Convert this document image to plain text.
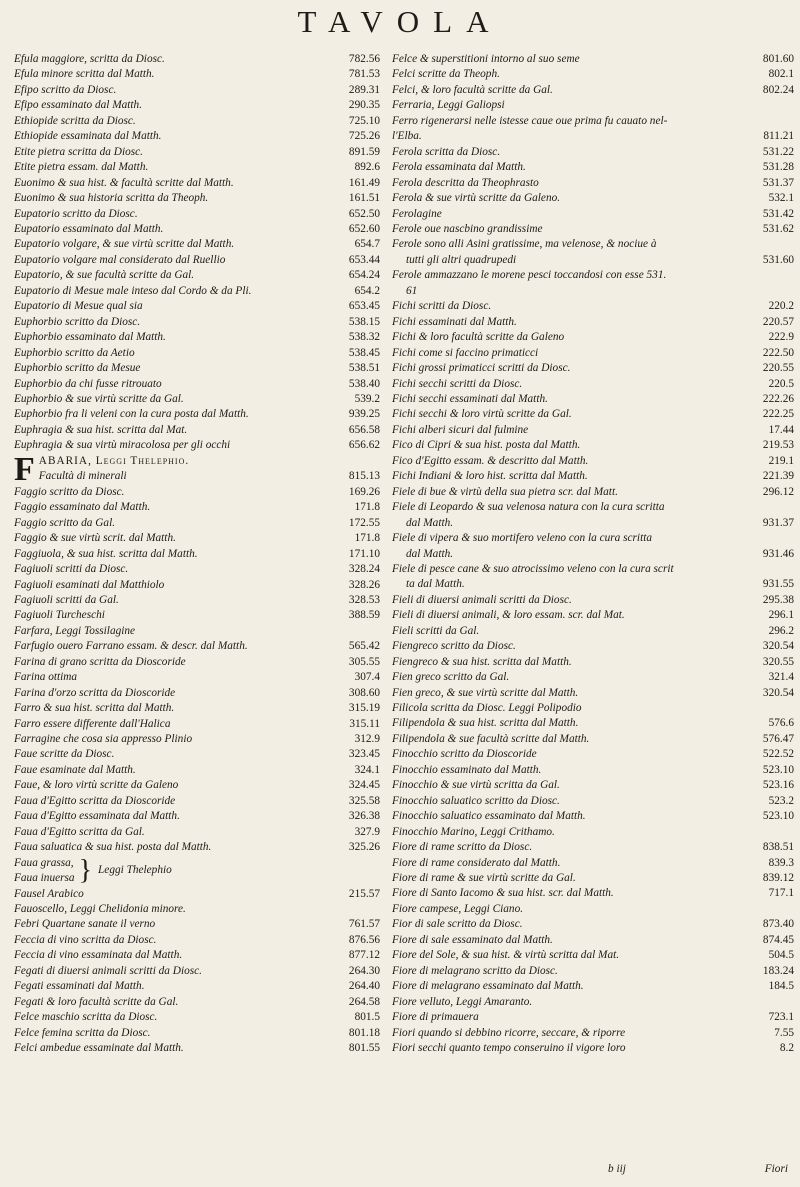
TAVOLA
Efula maggiore, scritta da Diosc.	782.56
Efula minore scritta dal Matth.	781.53
Efipo scritto da Diosc.	289.31
Efipo essaminato dal Matth.	290.35
Ethiopide scritta da Diosc.	725.10
Ethiopide essaminata dal Matth.	725.26
Etite pietra scritta da Diosc.	891.59
Etite pietra essam. dal Matth.	892.6
Euonimo & sua hist. & facultà scritte dal Matth.	161.49
Euonimo & sua historia scritta da Theoph.	161.51
Eupatorio scritto da Diosc.	652.50
Eupatorio essaminato dal Matth.	652.60
Eupatorio volgare, & sue virtù scritte dal Matth.	654.7
Eupatorio volgare mal considerato dal Ruellio	653.44
Eupatorio, & sue facultà scritte da Gal.	654.24
Eupatorio di Mesue male inteso dal Cordo & da Pli.	654.2
Eupatorio di Mesue qual sia	653.45
Euphorbio scritto da Diosc.	538.15
Euphorbio essaminato dal Matth.	538.32
Euphorbio scritto da Aetio	538.45
Euphorbio scritto da Mesue	538.51
Euphorbio da chi fusse ritrouato	538.40
Euphorbio & sue virtù scritte da Gal.	539.2
Euphorbio fra li veleni con la cura posta dal Matth.	939.25
Euphragia & sua hist. scritta dal Mat.	656.58
Euphragia & sua virtù miracolosa per gli occhi	656.62
F ABARIA, Leggi Thelephio.
Facultà di minerali	815.13
Faggio scritto da Diosc.	169.26
Faggio essaminato dal Matth.	171.8
Faggio scritto da Gal.	172.55
Faggio & sue virtù scrit. dal Matth.	171.8
Faggiuola, & sua hist. scritta dal Matth.	171.10
Fagiuoli scritti da Diosc.	328.24
Fagiuoli esaminati dal Matthiolo	328.26
Fagiuoli scritti da Gal.	328.53
Fagiuoli Turcheschi	388.59
Farfara, Leggi Tossilagine
Farfugio ouero Farrano essam. & descr. dal Matth.	565.42
Farina di grano scritta da Dioscoride	305.55
Farina ottima	307.4
Farina d'orzo scritta da Dioscoride	308.60
Farro & sua hist. scritta dal Matth.	315.19
Farro essere differente dall'Halica	315.11
Farragine che cosa sia appresso Plinio	312.9
Faue scritte da Diosc.	323.45
Faue esaminate dal Matth.	324.1
Faue, & loro virtù scritte da Galeno	324.45
Faua d'Egitto scritta da Dioscoride	325.58
Faua d'Egitto essaminata dal Matth.	326.38
Faua d'Egitto scritta da Gal.	327.9
Faua saluatica & sua hist. posta dal Matth.	325.26
Faua grassa,
Faua inuersa } Leggi Thelephio
Fausel Arabico	215.57
Fauoscello, Leggi Chelidonia minore.
Febri Quartane sanate il verno	761.57
Feccia di vino scritta da Diosc.	876.56
Feccia di vino essaminata dal Matth.	877.12
Fegati di diuersi animali scritti da Diosc.	264.30
Fegati essaminati dal Matth.	264.40
Fegati & loro facultà scritte da Gal.	264.58
Felce maschio scritta da Diosc.	801.5
Felce femina scritta da Diosc.	801.18
Felci ambedue essaminate dal Matth.	801.55
Felce & superstitioni intorno al suo seme	801.60
Felci scritte da Theoph.	802.1
Felci, & loro facultà scritte da Gal.	802.24
Ferraria, Leggi Galiopsi
Ferro rigenerarsi nelle istesse caue oue prima fu cauato nel-
l'Elba.	811.21
Ferola scritta da Diosc.	531.22
Ferola essaminata dal Matth.	531.28
Ferola descritta da Theophrasto	531.37
Ferola & sue virtù scritte da Galeno.	532.1
Ferolagine	531.42
Ferole oue nascbino grandissime	531.62
Ferole sono alli Asini gratissime, ma velenose, & nociue à
tutti gli altri quadrupedi	531.60
Ferole ammazzano le morene pesci toccandosi con esse 531.
61
Fichi scritti da Diosc.	220.2
Fichi essaminati dal Matth.	220.57
Fichi & loro facultà scritte da Galeno	222.9
Fichi come si faccino primaticci	222.50
Fichi grossi primaticci scritti da Diosc.	220.55
Fichi secchi scritti da Diosc.	220.5
Fichi secchi essaminati dal Matth.	222.26
Fichi secchi & loro virtù scritte da Gal.	222.25
Fichi alberi sicuri dal fulmine	17.44
Fico di Cipri & sua hist. posta dal Matth.	219.53
Fico d'Egitto essam. & descritto dal Matth.	219.1
Fichi Indiani & loro hist. scritta dal Matth.	221.39
Fiele di bue & virtù della sua pietra scr. dal Matt.	296.12
Fiele di Leopardo & sua velenosa natura con la cura scritta
dal Matth.	931.37
Fiele di vipera & suo mortifero veleno con la cura scritta
dal Matth.	931.46
Fiele di pesce cane & suo atrocissimo veleno con la cura scrit
ta dal Matth.	931.55
Fieli di diuersi animali scritti da Diosc.	295.38
Fieli di diuersi animali, & loro essam. scr. dal Mat.	296.1
Fieli scritti da Gal.	296.2
Fiengreco scritto da Diosc.	320.54
Fiengreco & sua hist. scritta dal Matth.	320.55
Fien greco scritto da Gal.	321.4
Fien greco, & sue virtù scritte dal Matth.	320.54
Filicola scritta da Diosc. Leggi Polipodio
Filipendola & sua hist. scritta dal Matth.	576.6
Filipendola & sue facultà scritte dal Matth.	576.47
Finocchio scritto da Dioscoride	522.52
Finocchio essaminato dal Matth.	523.10
Finocchio & sue virtù scritta da Gal.	523.16
Finocchio saluatico scritto da Diosc.	523.2
Finocchio saluatico essaminato dal Matth.	523.10
Finocchio Marino, Leggi Crithamo.
Fiore di rame scritto da Diosc.	838.51
Fiore di rame considerato dal Matth.	839.3
Fiore di rame & sue virtù scritte da Gal.	839.12
Fiore di Santo Iacomo & sua hist. scr. dal Matth.	717.1
Fiore campese, Leggi Ciano.
Fior di sale scritto da Diosc.	873.40
Fiore di sale essaminato dal Matth.	874.45
Fiore del Sole, & sua hist. & virtù scritta dal Mat.	504.5
Fiore di melagrano scritto da Diosc.	183.24
Fiore di melagrano essaminato dal Matth.	184.5
Fiore velluto, Leggi Amaranto.
Fiore di primauera	723.1
Fiori quando si debbino ricorre, seccare, & riporre	7.55
Fiori secchi quanto tempo conseruino il vigore loro	8.2
b iij	Fiori
